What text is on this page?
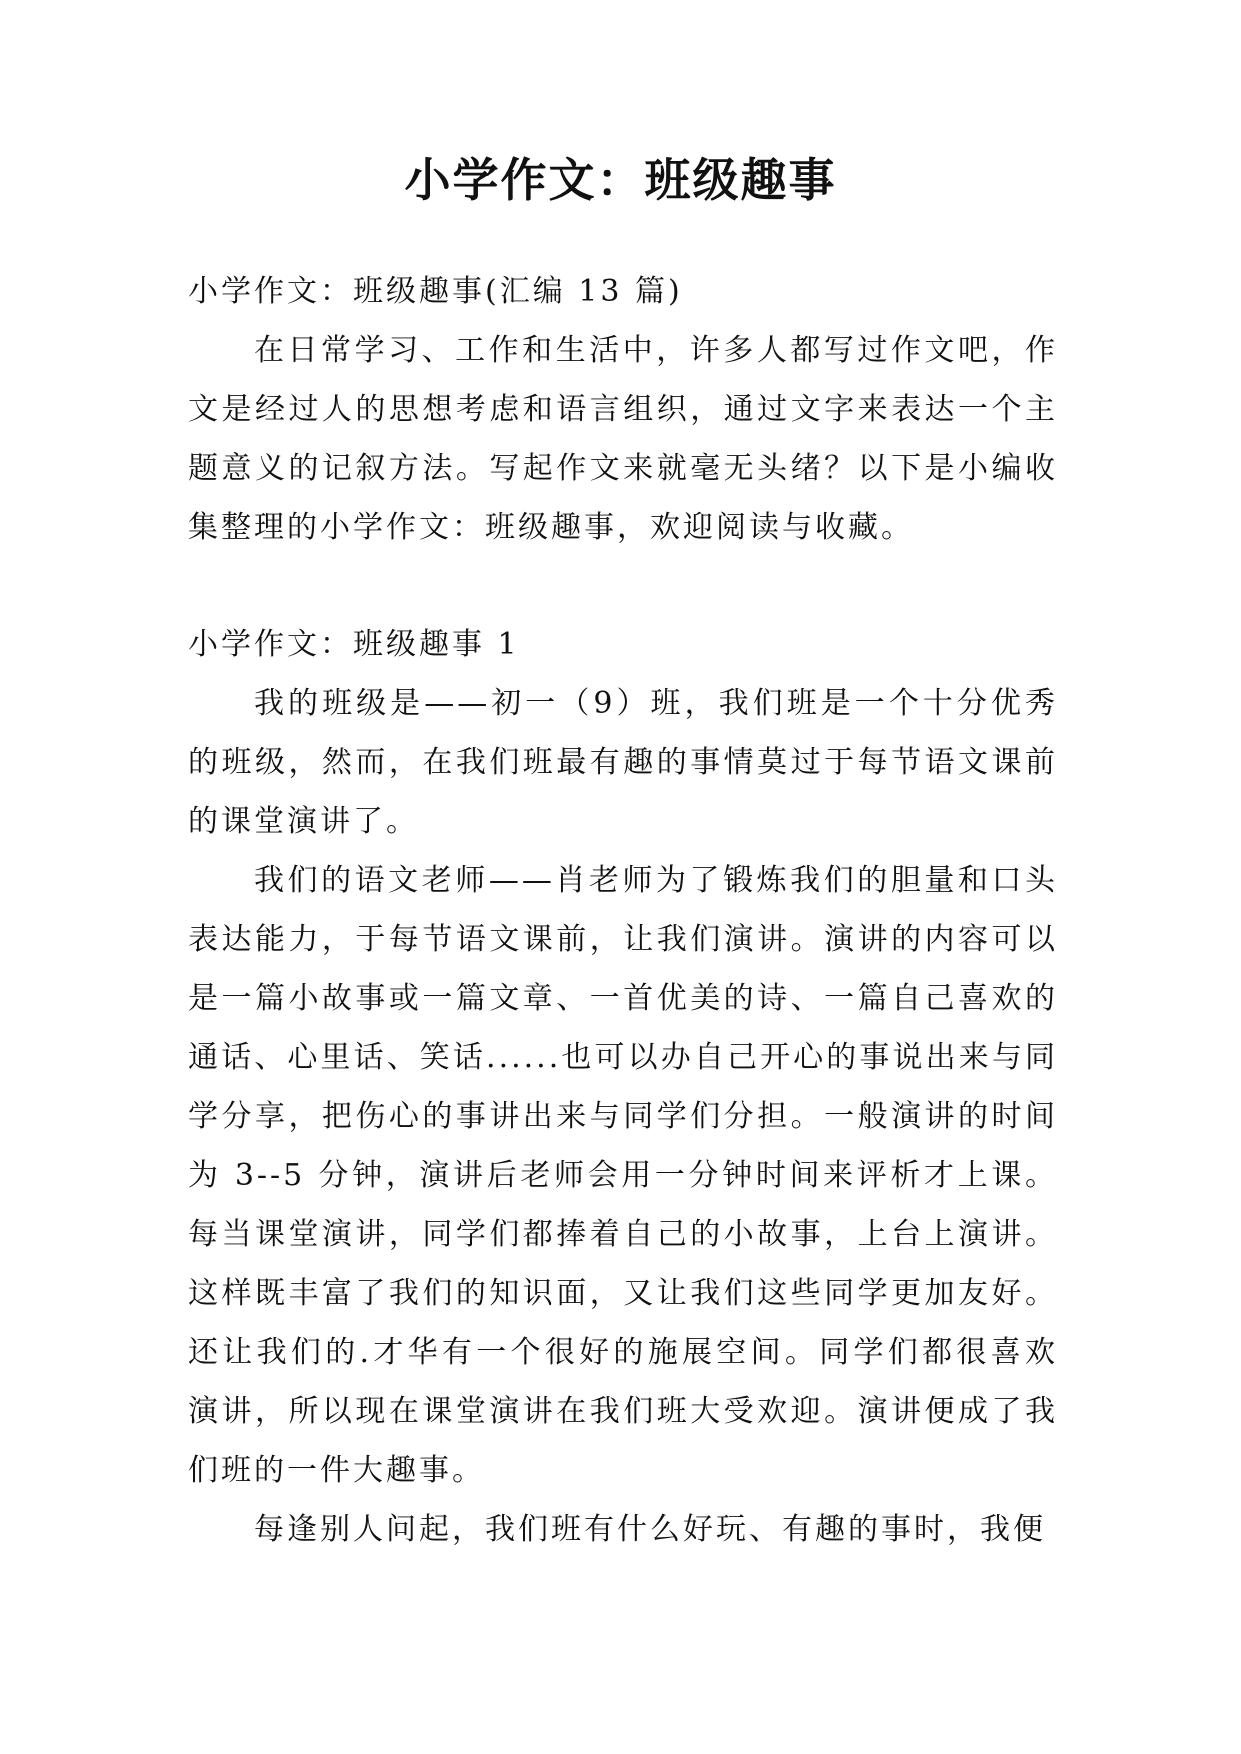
小学作文：班级趣事

小学作文：班级趣事(汇编 13 篇)

在日常学习、工作和生活中，许多人都写过作文吧，作文是经过人的思想考虑和语言组织，通过文字来表达一个主题意义的记叙方法。写起作文来就毫无头绪？以下是小编收集整理的小学作文：班级趣事，欢迎阅读与收藏。

小学作文：班级趣事 1

我的班级是——初一（9）班，我们班是一个十分优秀的班级，然而，在我们班最有趣的事情莫过于每节语文课前的课堂演讲了。

我们的语文老师——肖老师为了锻炼我们的胆量和口头表达能力，于每节语文课前，让我们演讲。演讲的内容可以是一篇小故事或一篇文章、一首优美的诗、一篇自己喜欢的通话、心里话、笑话......也可以办自己开心的事说出来与同学分享，把伤心的事讲出来与同学们分担。一般演讲的时间为 3--5 分钟，演讲后老师会用一分钟时间来评析才上课。每当课堂演讲，同学们都捧着自己的小故事，上台上演讲。这样既丰富了我们的知识面，又让我们这些同学更加友好。还让我们的.才华有一个很好的施展空间。同学们都很喜欢演讲，所以现在课堂演讲在我们班大受欢迎。演讲便成了我们班的一件大趣事。

每逢别人问起，我们班有什么好玩、有趣的事时，我便
